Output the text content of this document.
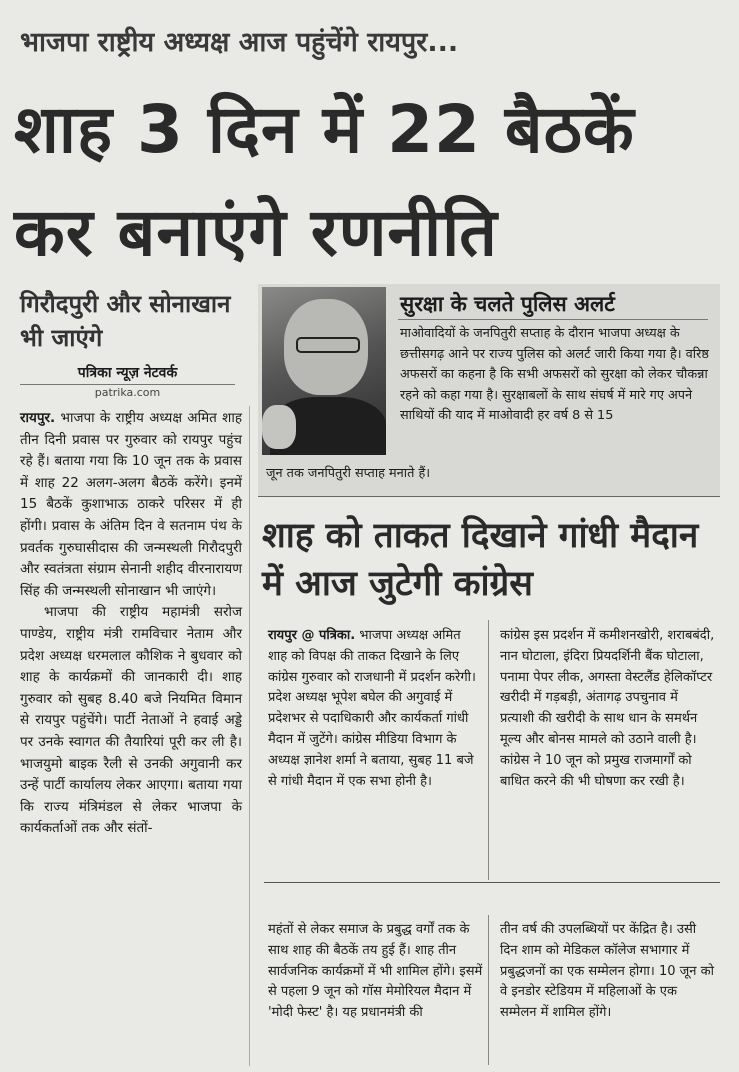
भाजपा राष्ट्रीय अध्यक्ष आज पहुंचेंगे रायपुर...
शाह 3 दिन में 22 बैठकें
कर बनाएंगे रणनीति
गिरौदपुरी और सोनाखान भी जाएंगे
पत्रिका न्यूज़ नेटवर्क
patrika.com

रायपुर. भाजपा के राष्ट्रीय अध्यक्ष अमित शाह तीन दिनी प्रवास पर गुरुवार को रायपुर पहुंच रहे हैं। बताया गया कि 10 जून तक के प्रवास में शाह 22 अलग-अलग बैठकें करेंगे। इनमें 15 बैठकें कुशाभाऊ ठाकरे परिसर में ही होंगी। प्रवास के अंतिम दिन वे सतनाम पंथ के प्रवर्तक गुरुघासीदास की जन्मस्थली गिरौदपुरी और स्वतंत्रता संग्राम सेनानी शहीद वीरनारायण सिंह की जन्मस्थली सोनाखान भी जाएंगे।

भाजपा की राष्ट्रीय महामंत्री सरोज पाण्डेय, राष्ट्रीय मंत्री रामविचार नेताम और प्रदेश अध्यक्ष धरमलाल कौशिक ने बुधवार को शाह के कार्यक्रमों की जानकारी दी। शाह गुरुवार को सुबह 8.40 बजे नियमित विमान से रायपुर पहुंचेंगे। पार्टी नेताओं ने हवाई अड्डे पर उनके स्वागत की तैयारियां पूरी कर ली है। भाजयुमो बाइक रैली से उनकी अगुवानी कर उन्हें पार्टी कार्यालय लेकर आएगा। बताया गया कि राज्य मंत्रिमंडल से लेकर भाजपा के कार्यकर्ताओं तक और संतों-

सुरक्षा के चलते पुलिस अलर्ट
माओवादियों के जनपितुरी सप्ताह के दौरान भाजपा अध्यक्ष के छत्तीसगढ़ आने पर राज्य पुलिस को अलर्ट जारी किया गया है। वरिष्ठ अफसरों का कहना है कि सभी अफसरों को सुरक्षा को लेकर चौकन्ना रहने को कहा गया है। सुरक्षाबलों के साथ संघर्ष में मारे गए अपने साथियों की याद में माओवादी हर वर्ष 8 से 15
जून तक जनपितुरी सप्ताह मनाते हैं।
शाह को ताकत दिखाने गांधी मैदान में आज जुटेगी कांग्रेस

रायपुर @ पत्रिका. भाजपा अध्यक्ष अमित शाह को विपक्ष की ताकत दिखाने के लिए कांग्रेस गुरुवार को राजधानी में प्रदर्शन करेगी। प्रदेश अध्यक्ष भूपेश बघेल की अगुवाई में प्रदेशभर से पदाधिकारी और कार्यकर्ता गांधी मैदान में जुटेंगे। कांग्रेस मीडिया विभाग के अध्यक्ष ज्ञानेश शर्मा ने बताया, सुबह 11 बजे से गांधी मैदान में एक सभा होनी है।

कांग्रेस इस प्रदर्शन में कमीशनखोरी, शराबबंदी, नान घोटाला, इंदिरा प्रियदर्शिनी बैंक घोटाला, पनामा पेपर लीक, अगस्ता वेस्टलैंड हेलिकॉप्टर खरीदी में गड़बड़ी, अंतागढ़ उपचुनाव में प्रत्याशी की खरीदी के साथ धान के समर्थन मूल्य और बोनस मामले को उठाने वाली है। कांग्रेस ने 10 जून को प्रमुख राजमार्गों को बाधित करने की भी घोषणा कर रखी है।
महंतों से लेकर समाज के प्रबुद्ध वर्गों तक के साथ शाह की बैठकें तय हुई हैं। शाह तीन सार्वजनिक कार्यक्रमों में भी शामिल होंगे। इसमें से पहला 9 जून को गॉस मेमोरियल मैदान में 'मोदी फेस्ट' है। यह प्रधानमंत्री की
तीन वर्ष की उपलब्धियों पर केंद्रित है। उसी दिन शाम को मेडिकल कॉलेज सभागार में प्रबुद्धजनों का एक सम्मेलन होगा। 10 जून को वे इनडोर स्टेडियम में महिलाओं के एक सम्मेलन में शामिल होंगे।
